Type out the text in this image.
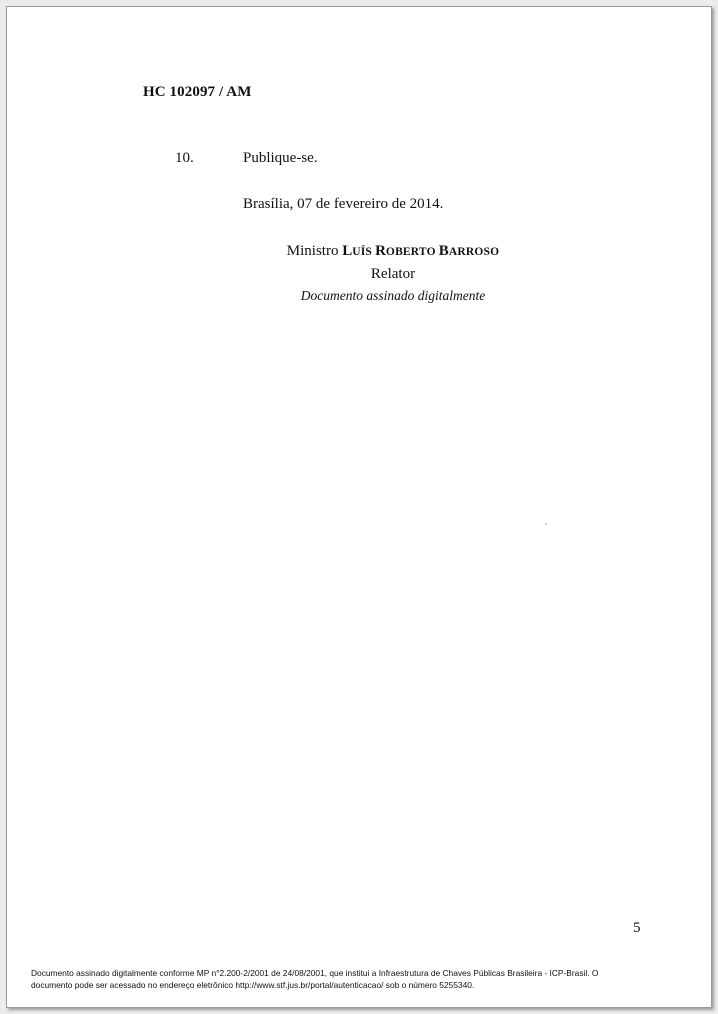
HC 102097 / AM
10.	Publique-se.
Brasília, 07 de fevereiro de 2014.
Ministro LUÍS ROBERTO BARROSO
Relator
Documento assinado digitalmente
5
Documento assinado digitalmente conforme MP n°2.200-2/2001 de 24/08/2001, que institui a Infraestrutura de Chaves Públicas Brasileira - ICP-Brasil. O
documento pode ser acessado no endereço eletrônico http://www.stf.jus.br/portal/autenticacao/ sob o número 5255340.
